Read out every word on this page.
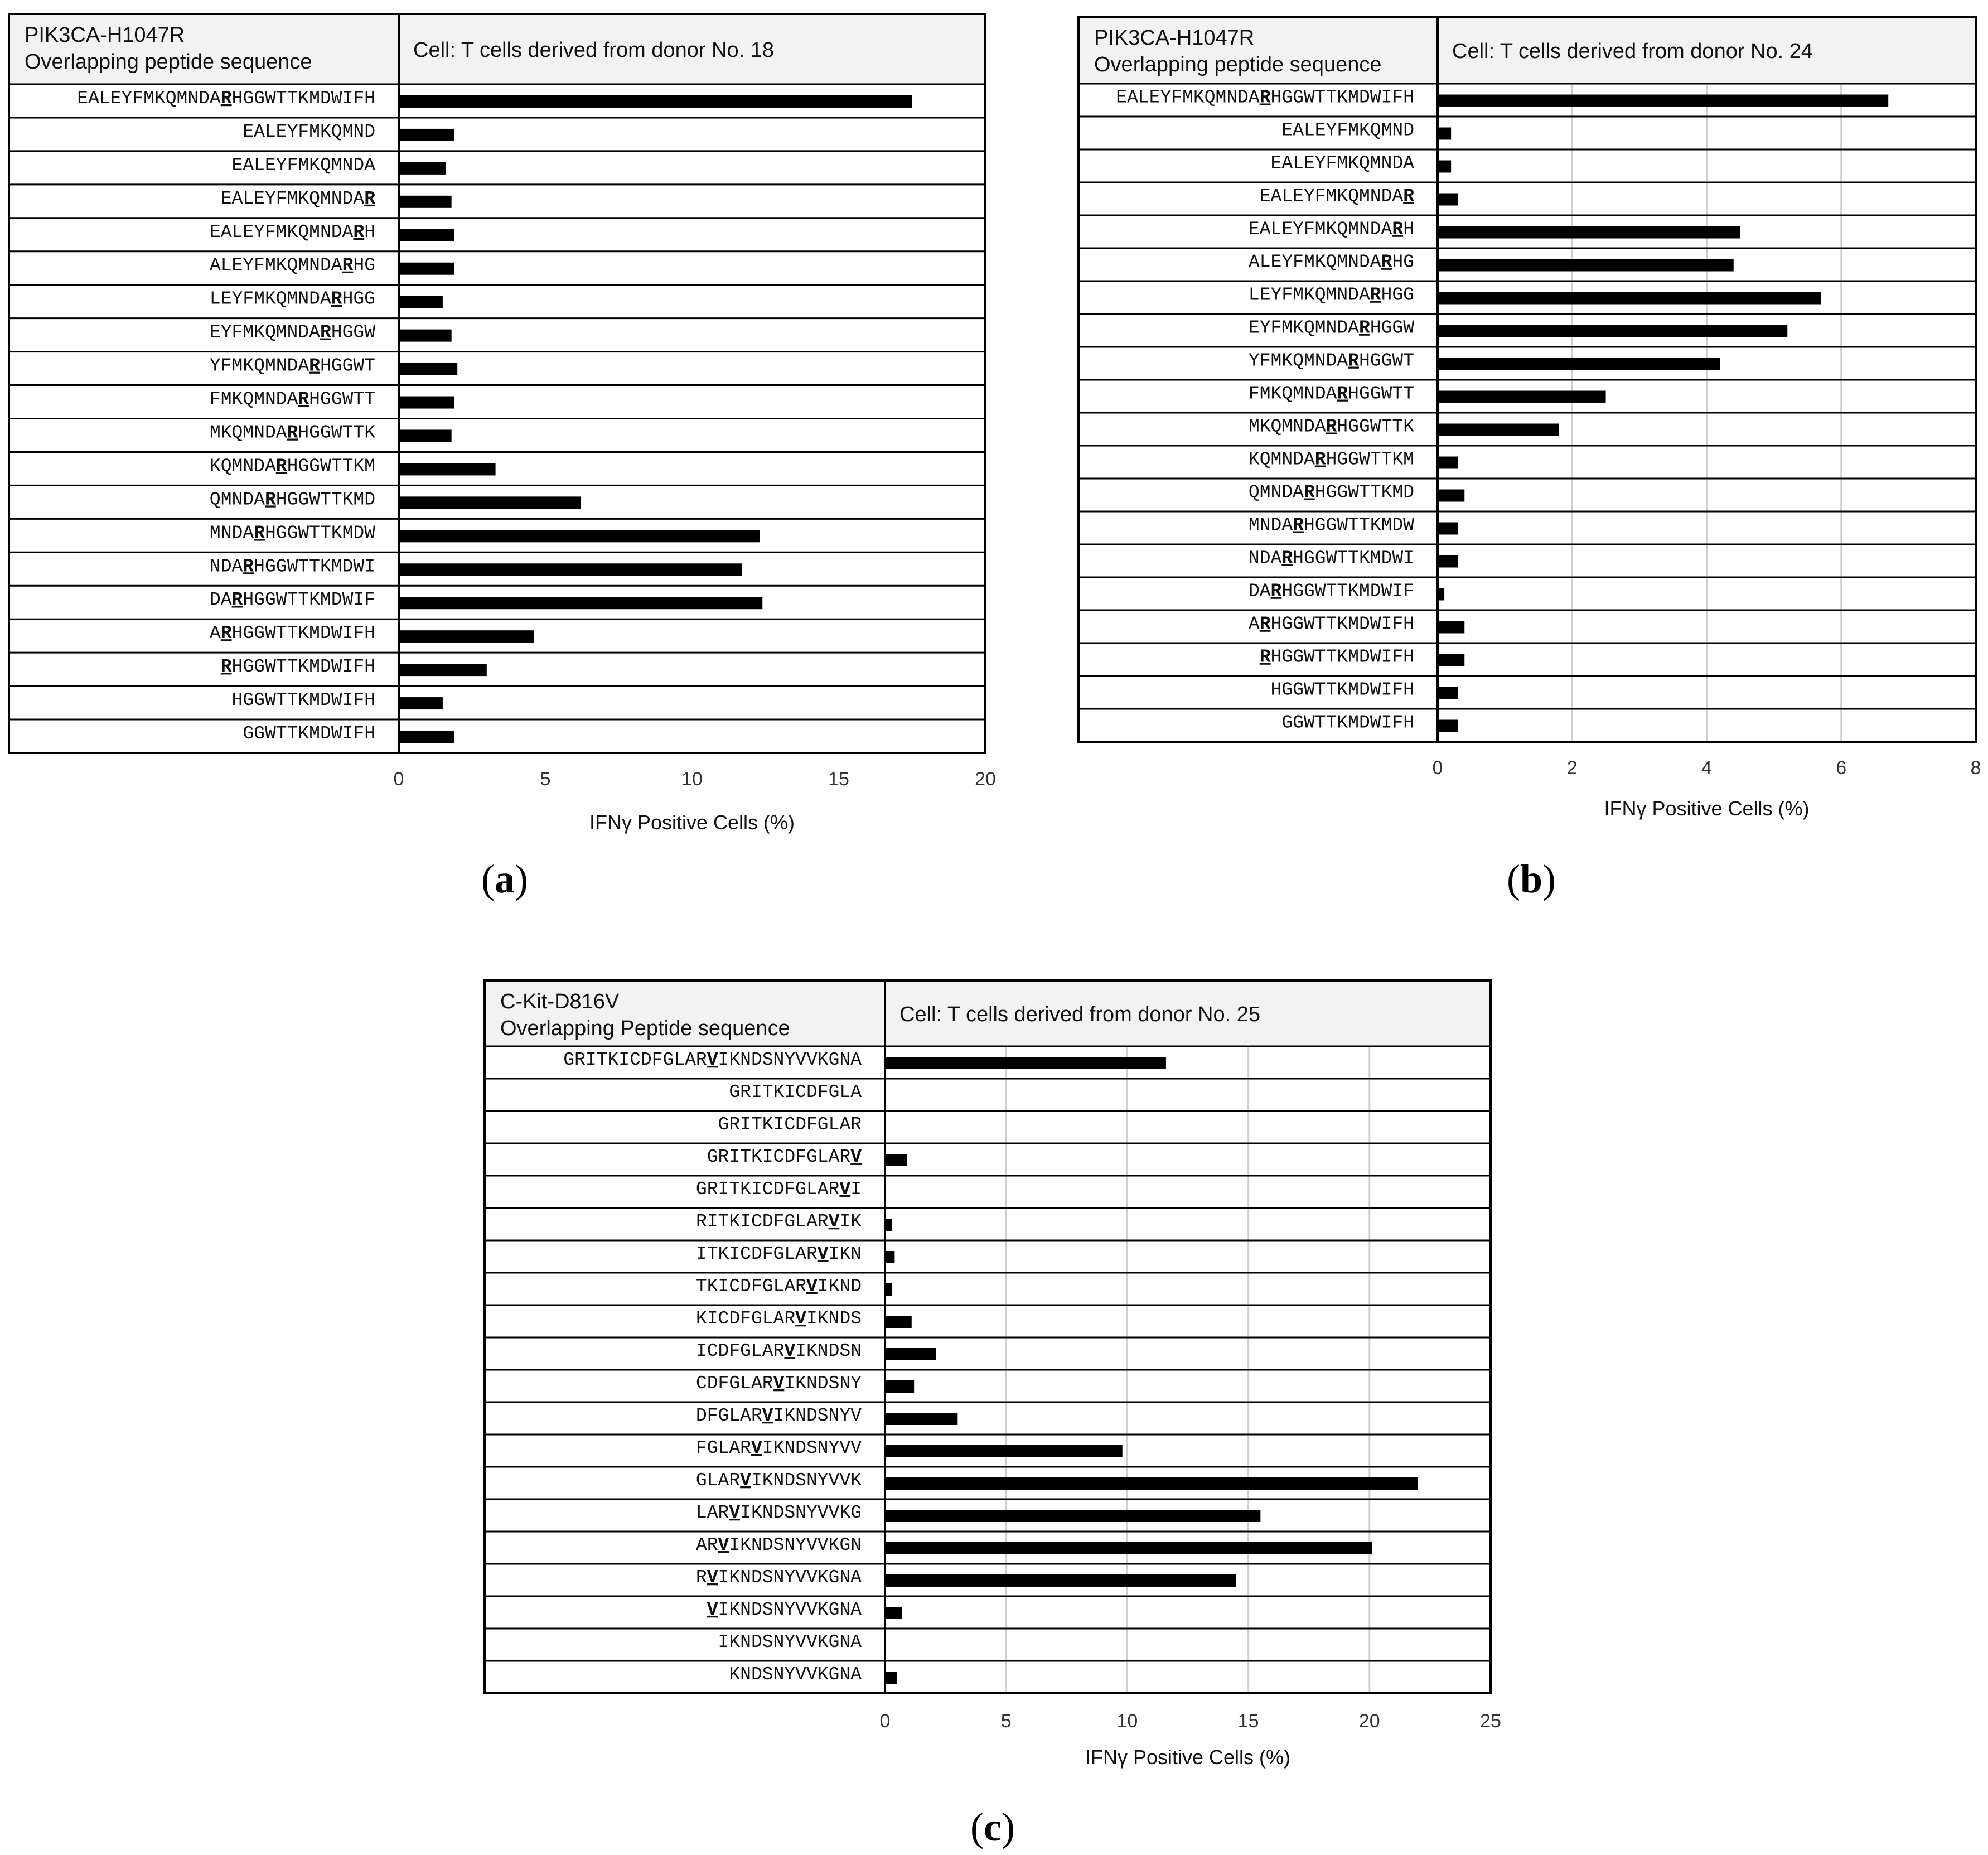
PIK3CA-H1047R
Overlapping peptide sequence	Cell: T cells derived from donor No. 18
EALEYFMKQMNDARHGGWTTKMDWIFH
EALEYFMKQMND
EALEYFMKQMNDA
EALEYFMKQMNDAR
EALEYFMKQMNDARH
ALEYFMKQMNDARHG
LEYFMKQMNDARHGG
EYFMKQMNDARHGGW
YFMKQMNDARHGGWT
FMKQMNDARHGGWTT
MKQMNDARHGGWTTK
KQMNDARHGGWTTKM
QMNDARHGGWTTKMD
MNDARHGGWTTKMDW
NDARHGGWTTKMDWI
DARHGGWTTKMDWIF
ARHGGWTTKMDWIFH
RHGGWTTKMDWIFH
HGGWTTKMDWIFH
GGWTTKMDWIFH
0	5	10	15	20
IFNγ Positive Cells (%)
(a)
PIK3CA-H1047R
Overlapping peptide sequence
Cell: T cells derived from donor No. 24
EALEYFMKQMNDARHGGWTTKMDWIFH
EALEYFMKQMND
EALEYFMKQMNDA
EALEYFMKQMNDAR
EALEYFMKQMNDARH
ALEYFMKQMNDARHG
LEYFMKQMNDARHGG
EYFMKQMNDARHGGW
YFMKQMNDARHGGWT
FMKQMNDARHGGWTT
MKQMNDARHGGWTTK
KQMNDARHGGWTTKM
QMNDARHGGWTTKMD
MNDARHGGWTTKMDW
NDARHGGWTTKMDWI
DARHGGWTTKMDWIF
ARHGGWTTKMDWIFH
RHGGWTTKMDWIFH
HGGWTTKMDWIFH
GGWTTKMDWIFH
0	2	4	6	8
IFNγ Positive Cells (%)
(b)
C-Kit-D816V
Overlapping Peptide sequence
Cell: T cells derived from donor No. 25
GRITKICDFGLARVIKNDSNYVVKGNA
GRITKICDFGLA
GRITKICDFGLAR
GRITKICDFGLARV
GRITKICDFGLARVI
RITKICDFGLARVIK
ITKICDFGLARVIKN
TKICDFGLARVIKND
KICDFGLARVIKNDS
ICDFGLARVIKNDSN
CDFGLARVIKNDSNY
DFGLARVIKNDSNYV
FGLARVIKNDSNYVV
GLARVIKNDSNYVVK
LARVIKNDSNYVVKG
ARVIKNDSNYVVKGN
RVIKNDSNYVVKGNA
VIKNDSNYVVKGNA
IKNDSNYVVKGNA
KNDSNYVVKGNA
0	5	10	15	20	25
IFNγ Positive Cells (%)
(c)
